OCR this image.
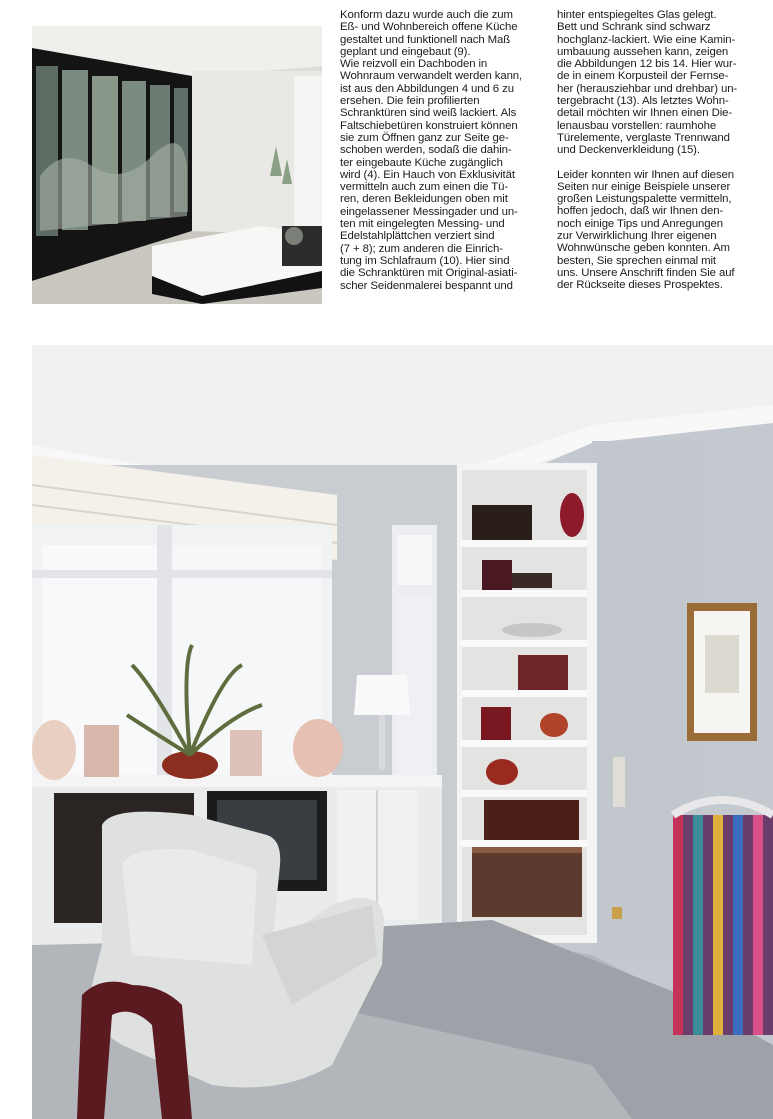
Konform dazu wurde auch die zum
Eß- und Wohnbereich offene Küche
gestaltet und funktionell nach Maß
geplant und eingebaut (9).
Wie reizvoll ein Dachboden in
Wohnraum verwandelt werden kann,
ist aus den Abbildungen 4 und 6 zu
ersehen. Die fein profilierten
Schranktüren sind weiß lackiert. Als
Faltschiebetüren konstruiert können
sie zum Öffnen ganz zur Seite ge-
schoben werden, sodaß die dahin-
ter eingebaute Küche zugänglich
wird (4). Ein Hauch von Exklusivität
vermitteln auch zum einen die Tü-
ren, deren Bekleidungen oben mit
eingelassener Messingader und un-
ten mit eingelegten Messing- und
Edelstahlplättchen verziert sind
(7 + 8); zum anderen die Einrich-
tung im Schlafraum (10). Hier sind
die Schranktüren mit Original-asiati-
scher Seidenmalerei bespannt und

hinter entspiegeltes Glas gelegt.
Bett und Schrank sind schwarz
hochglanz-lackiert. Wie eine Kamin-
umbauung aussehen kann, zeigen
die Abbildungen 12 bis 14. Hier wur-
de in einem Korpusteil der Fernse-
her (herausziehbar und drehbar) un-
tergebracht (13). Als letztes Wohn-
detail möchten wir Ihnen einen Die-
lenausbau vorstellen: raumhohe
Türelemente, verglaste Trennwand
und Deckenverkleidung (15).

Leider konnten wir Ihnen auf diesen
Seiten nur einige Beispiele unserer
großen Leistungspalette vermitteln,
hoffen jedoch, daß wir Ihnen den-
noch einige Tips und Anregungen
zur Verwirklichung Ihrer eigenen
Wohnwünsche geben konnten. Am
besten, Sie sprechen einmal mit
uns. Unsere Anschrift finden Sie auf
der Rückseite dieses Prospektes.
